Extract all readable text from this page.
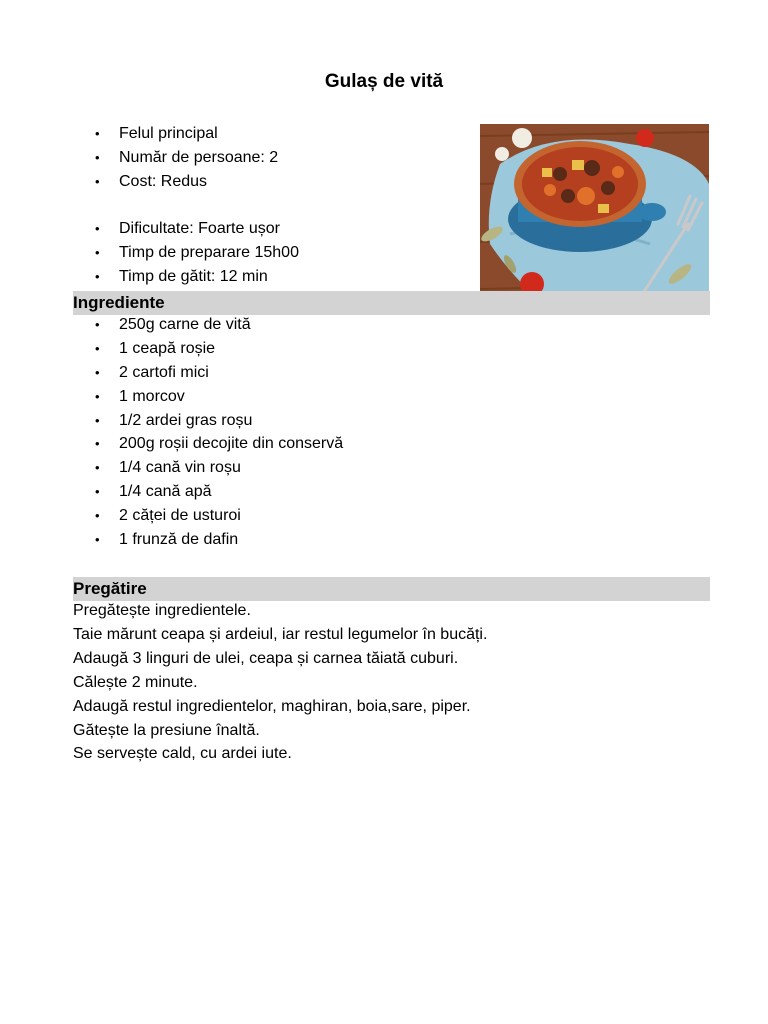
Gulaș de vită
• Felul principal
• Număr de persoane: 2
• Cost: Redus
• Dificultate: Foarte ușor
• Timp de preparare 15h00
• Timp de gătit: 12 min
Ingrediente
• 250g carne de vită
• 1 ceapă roșie
• 2 cartofi mici
• 1 morcov
• 1/2 ardei gras roșu
• 200g roșii decojite din conservă
• 1/4 cană vin roșu
• 1/4 cană apă
• 2 căței de usturoi
• 1 frunză de dafin
Pregătire

Pregătește ingredientele.

Taie mărunt ceapa și ardeiul, iar restul legumelor în bucăți.

Adaugă 3 linguri de ulei, ceapa și carnea tăiată cuburi.

Călește 2 minute.

Adaugă restul ingredientelor, maghiran, boia,sare, piper.

Gătește la presiune înaltă.

Se servește cald, cu ardei iute.
